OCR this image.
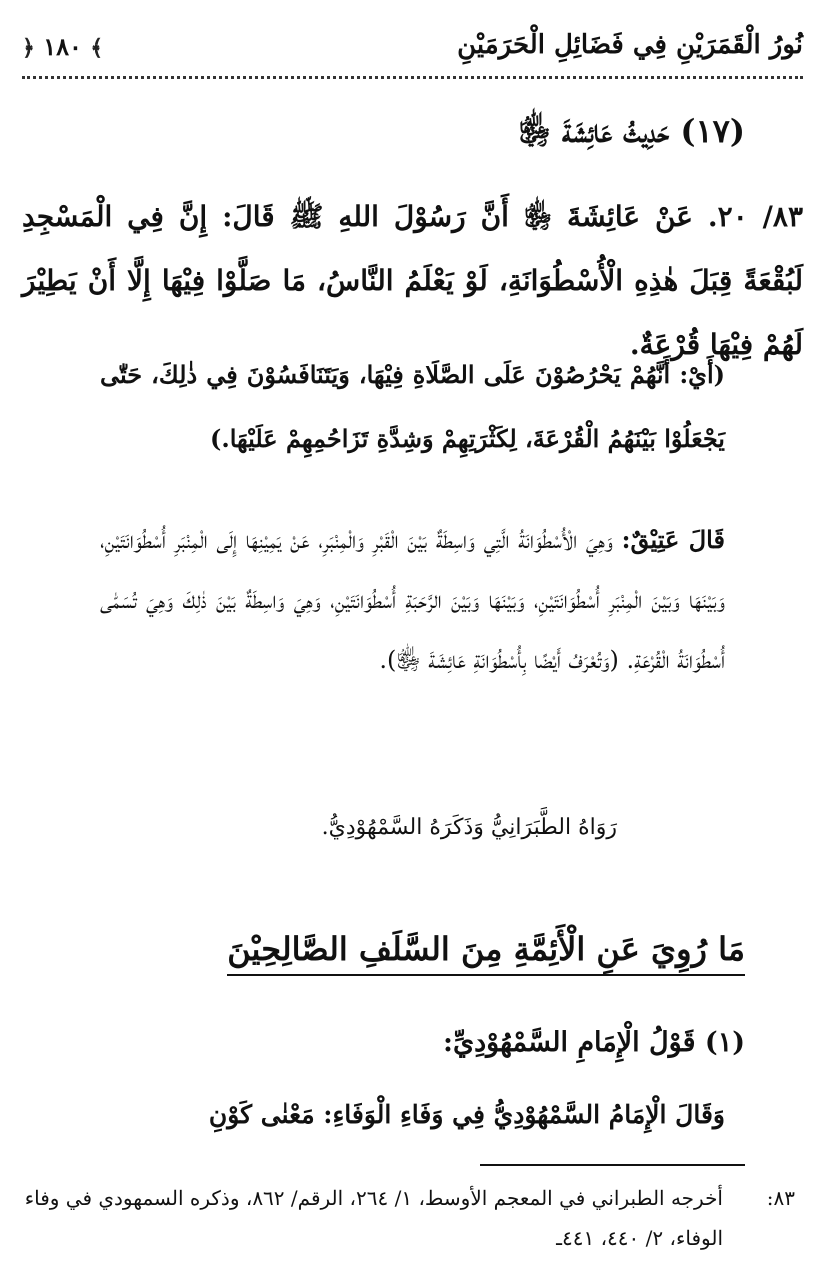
نُورُ الْقَمَرَيْنِ فِي فَضَائِلِ الْحَرَمَيْنِ
﴿ ١٨٠ ﴾
(١٧) حَدِيثُ عَائِشَةَ ﵂
٨٣/ ٢٠. عَنْ عَائِشَةَ ﵂ أَنَّ رَسُوْلَ اللهِ ﷺ قَالَ: إِنَّ فِي الْمَسْجِدِ لَبُقْعَةً قِبَلَ هٰذِهِ الْأُسْطُوَانَةِ، لَوْ يَعْلَمُ النَّاسُ، مَا صَلَّوْا فِيْهَا إِلَّا أَنْ يَطِيْرَ لَهُمْ فِيْهَا قُرْعَةٌ.
(أَيْ: أَنَّهُمْ يَحْرُصُوْنَ عَلَى الصَّلَاةِ فِيْهَا، وَيَتَنَافَسُوْنَ فِي ذٰلِكَ، حَتّٰى يَجْعَلُوْا بَيْنَهُمُ الْقُرْعَةَ، لِكَثْرَتِهِمْ وَشِدَّةِ تَزَاحُمِهِمْ عَلَيْهَا.)
قَالَ عَتِيْقٌ: وَهِيَ الْأُسْطُوَانَةُ الَّتِي وَاسِطَةٌ بَيْنَ الْقَبْرِ وَالْمِنْبَرِ، عَنْ يَمِيْنِهَا إِلَى الْمِنْبَرِ أُسْطُوَانَتَيْنِ، وَبَيْنَهَا وَبَيْنَ الْمِنْبَرِ أُسْطُوَانَتَيْنِ، وَبَيْنَهَا وَبَيْنَ الرَّحَبَةِ أُسْطُوَانَتَيْنِ، وَهِيَ وَاسِطَةٌ بَيْنَ ذٰلِكَ وَهِيَ تُسَمّٰى أُسْطُوَانَةُ الْقُرْعَةِ. (وَتُعْرَفُ أَيْضًا بِأُسْطُوَانَةِ عَائِشَةَ ﵂).
رَوَاهُ الطَّبَرَانِيُّ وَذَكَرَهُ السَّمْهُوْدِيُّ.
مَا رُوِيَ عَنِ الْأَئِمَّةِ مِنَ السَّلَفِ الصَّالِحِيْنَ
(١) قَوْلُ الْإِمَامِ السَّمْهُوْدِيِّ:
وَقَالَ الْإِمَامُ السَّمْهُوْدِيُّ فِي وَفَاءِ الْوَفَاءِ: مَعْنٰى كَوْنِ
٨٣:
أخرجه الطبراني في المعجم الأوسط، ١/ ٢٦٤، الرقم/ ٨٦٢، وذكره السمهودي في وفاء الوفاء، ٢/ ٤٤٠، ٤٤١ـ
